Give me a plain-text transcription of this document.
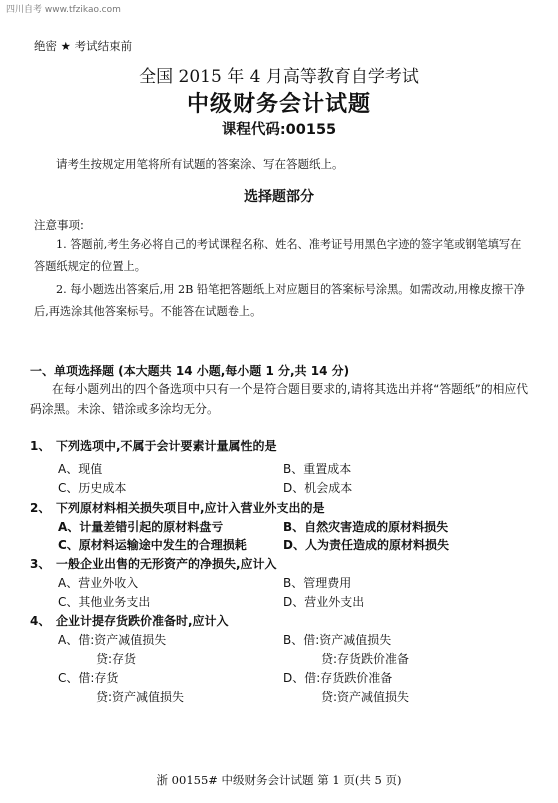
四川自考 www.tfzikao.com
绝密 ★ 考试结束前
全国 2015 年 4 月高等教育自学考试
中级财务会计试题
课程代码:00155
请考生按规定用笔将所有试题的答案涂、写在答题纸上。
选择题部分
注意事项:
1. 答题前,考生务必将自己的考试课程名称、姓名、准考证号用黑色字迹的签字笔或钢笔填写在答题纸规定的位置上。
2. 每小题选出答案后,用 2B 铅笔把答题纸上对应题目的答案标号涂黑。如需改动,用橡皮擦干净后,再选涂其他答案标号。不能答在试题卷上。
一、单项选择题 (本大题共 14 小题,每小题 1 分,共 14 分)
在每小题列出的四个备选项中只有一个是符合题目要求的,请将其选出并将“答题纸”的相应代码涂黑。未涂、错涂或多涂均无分。
1、 下列选项中,不属于会计要素计量属性的是
A、现值	B、重置成本
C、历史成本	D、机会成本
2、 下列原材料相关损失项目中,应计入营业外支出的是
A、计量差错引起的原材料盘亏	B、自然灾害造成的原材料损失
C、原材料运输途中发生的合理损耗	D、人为责任造成的原材料损失
3、 一般企业出售的无形资产的净损失,应计入
A、营业外收入	B、管理费用
C、其他业务支出	D、营业外支出
4、 企业计提存货跌价准备时,应计入
A、借:资产减值损失
贷:存货
B、借:资产减值损失
贷:存货跌价准备
C、借:存货
贷:资产减值损失
D、借:存货跌价准备
贷:资产减值损失
浙 00155# 中级财务会计试题 第 1 页(共 5 页)
